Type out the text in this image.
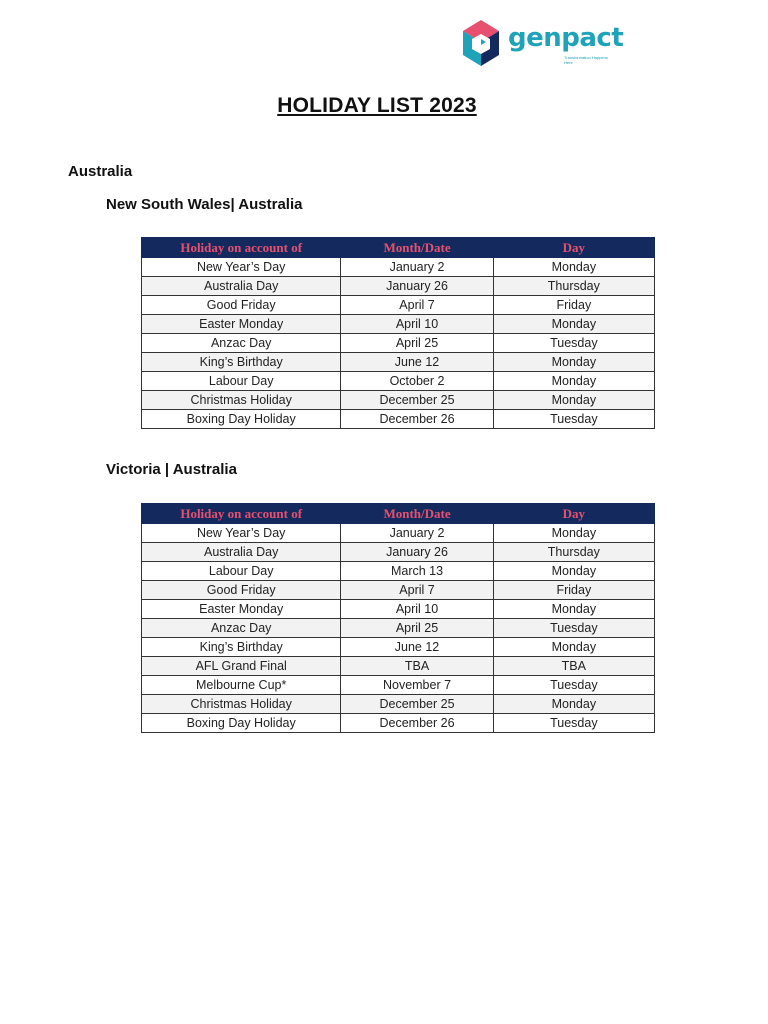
genpact
Transformation Happens Here
HOLIDAY LIST 2023
Australia
New South Wales| Australia
Holiday on account of	Month/Date	Day
New Year’s Day	January 2	Monday
Australia Day	January 26	Thursday
Good Friday	April 7	Friday
Easter Monday	April 10	Monday
Anzac Day	April 25	Tuesday
King’s Birthday	June 12	Monday
Labour Day	October 2	Monday
Christmas Holiday	December 25	Monday
Boxing Day Holiday	December 26	Tuesday
Victoria | Australia
Holiday on account of	Month/Date	Day
New Year’s Day	January 2	Monday
Australia Day	January 26	Thursday
Labour Day	March 13	Monday
Good Friday	April 7	Friday
Easter Monday	April 10	Monday
Anzac Day	April 25	Tuesday
King’s Birthday	June 12	Monday
AFL Grand Final	TBA	TBA
Melbourne Cup*	November 7	Tuesday
Christmas Holiday	December 25	Monday
Boxing Day Holiday	December 26	Tuesday
